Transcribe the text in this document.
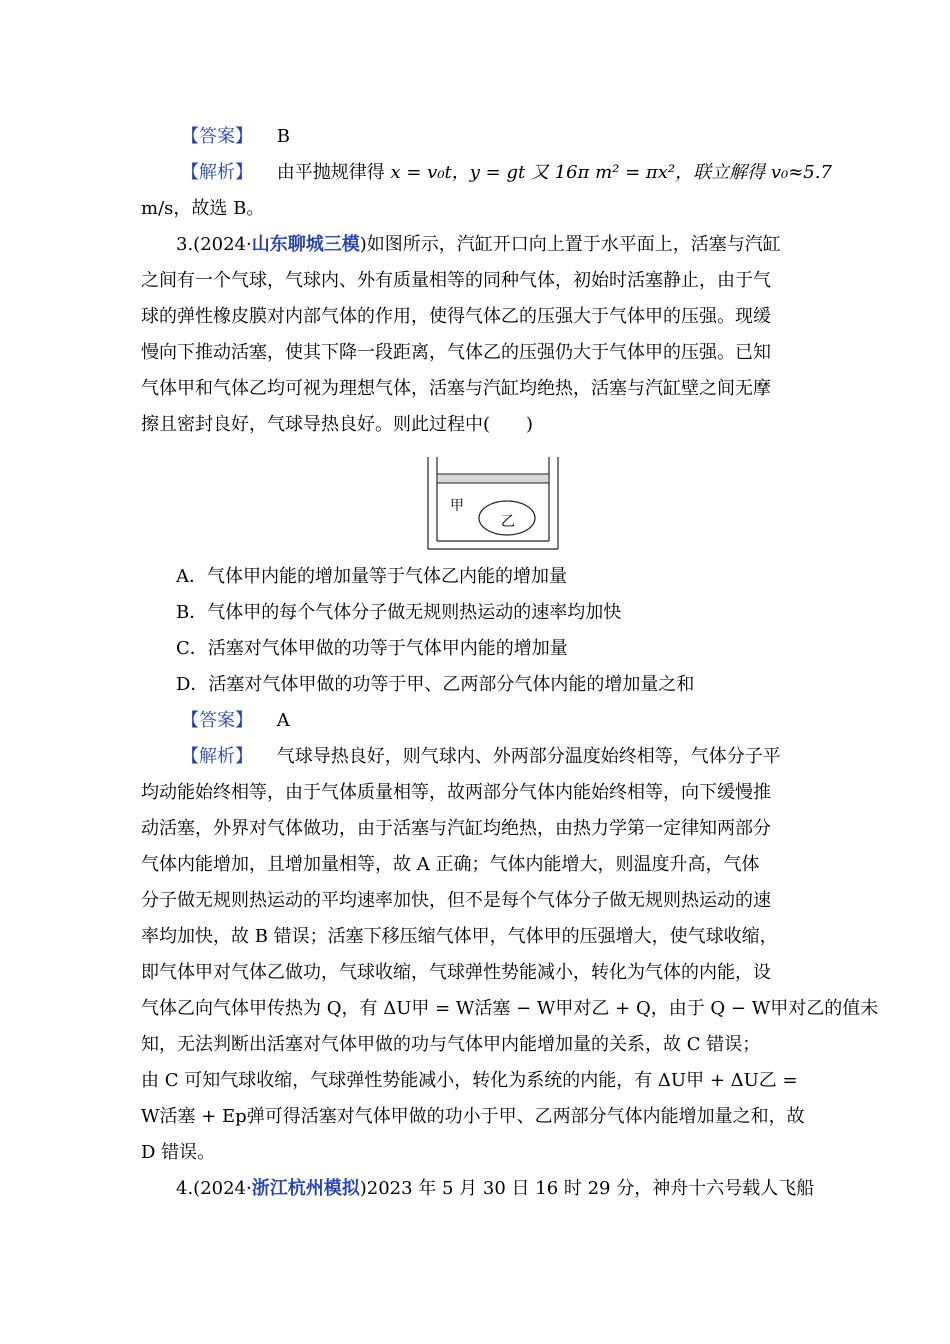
【答案】 B
【解析】 由平抛规律得 x = v₀t，y = gt 又 16π m² = πx²，联立解得 v₀≈5.7
m/s，故选 B。
3.(2024·山东聊城三模)如图所示，汽缸开口向上置于水平面上，活塞与汽缸
之间有一个气球，气球内、外有质量相等的同种气体，初始时活塞静止，由于气
球的弹性橡皮膜对内部气体的作用，使得气体乙的压强大于气体甲的压强。现缓
慢向下推动活塞，使其下降一段距离，气体乙的压强仍大于气体甲的压强。已知
气体甲和气体乙均可视为理想气体，活塞与汽缸均绝热，活塞与汽缸壁之间无摩
擦且密封良好，气球导热良好。则此过程中(　　)
甲
乙
A．气体甲内能的增加量等于气体乙内能的增加量
B．气体甲的每个气体分子做无规则热运动的速率均加快
C．活塞对气体甲做的功等于气体甲内能的增加量
D．活塞对气体甲做的功等于甲、乙两部分气体内能的增加量之和
【答案】 A
【解析】 气球导热良好，则气球内、外两部分温度始终相等，气体分子平
均动能始终相等，由于气体质量相等，故两部分气体内能始终相等，向下缓慢推
动活塞，外界对气体做功，由于活塞与汽缸均绝热，由热力学第一定律知两部分
气体内能增加，且增加量相等，故 A 正确；气体内能增大，则温度升高，气体
分子做无规则热运动的平均速率加快，但不是每个气体分子做无规则热运动的速
率均加快，故 B 错误；活塞下移压缩气体甲，气体甲的压强增大，使气球收缩，
即气体甲对气体乙做功，气球收缩，气球弹性势能减小，转化为气体的内能，设
气体乙向气体甲传热为 Q，有 ΔU甲 = W活塞 − W甲对乙 + Q，由于 Q − W甲对乙的值未
知，无法判断出活塞对气体甲做的功与气体甲内能增加量的关系，故 C 错误；
由 C 可知气球收缩，气球弹性势能减小，转化为系统的内能，有 ΔU甲 + ΔU乙 =
W活塞 + Ep弹可得活塞对气体甲做的功小于甲、乙两部分气体内能增加量之和，故
D 错误。
4.(2024·浙江杭州模拟)2023 年 5 月 30 日 16 时 29 分，神舟十六号载人飞船
